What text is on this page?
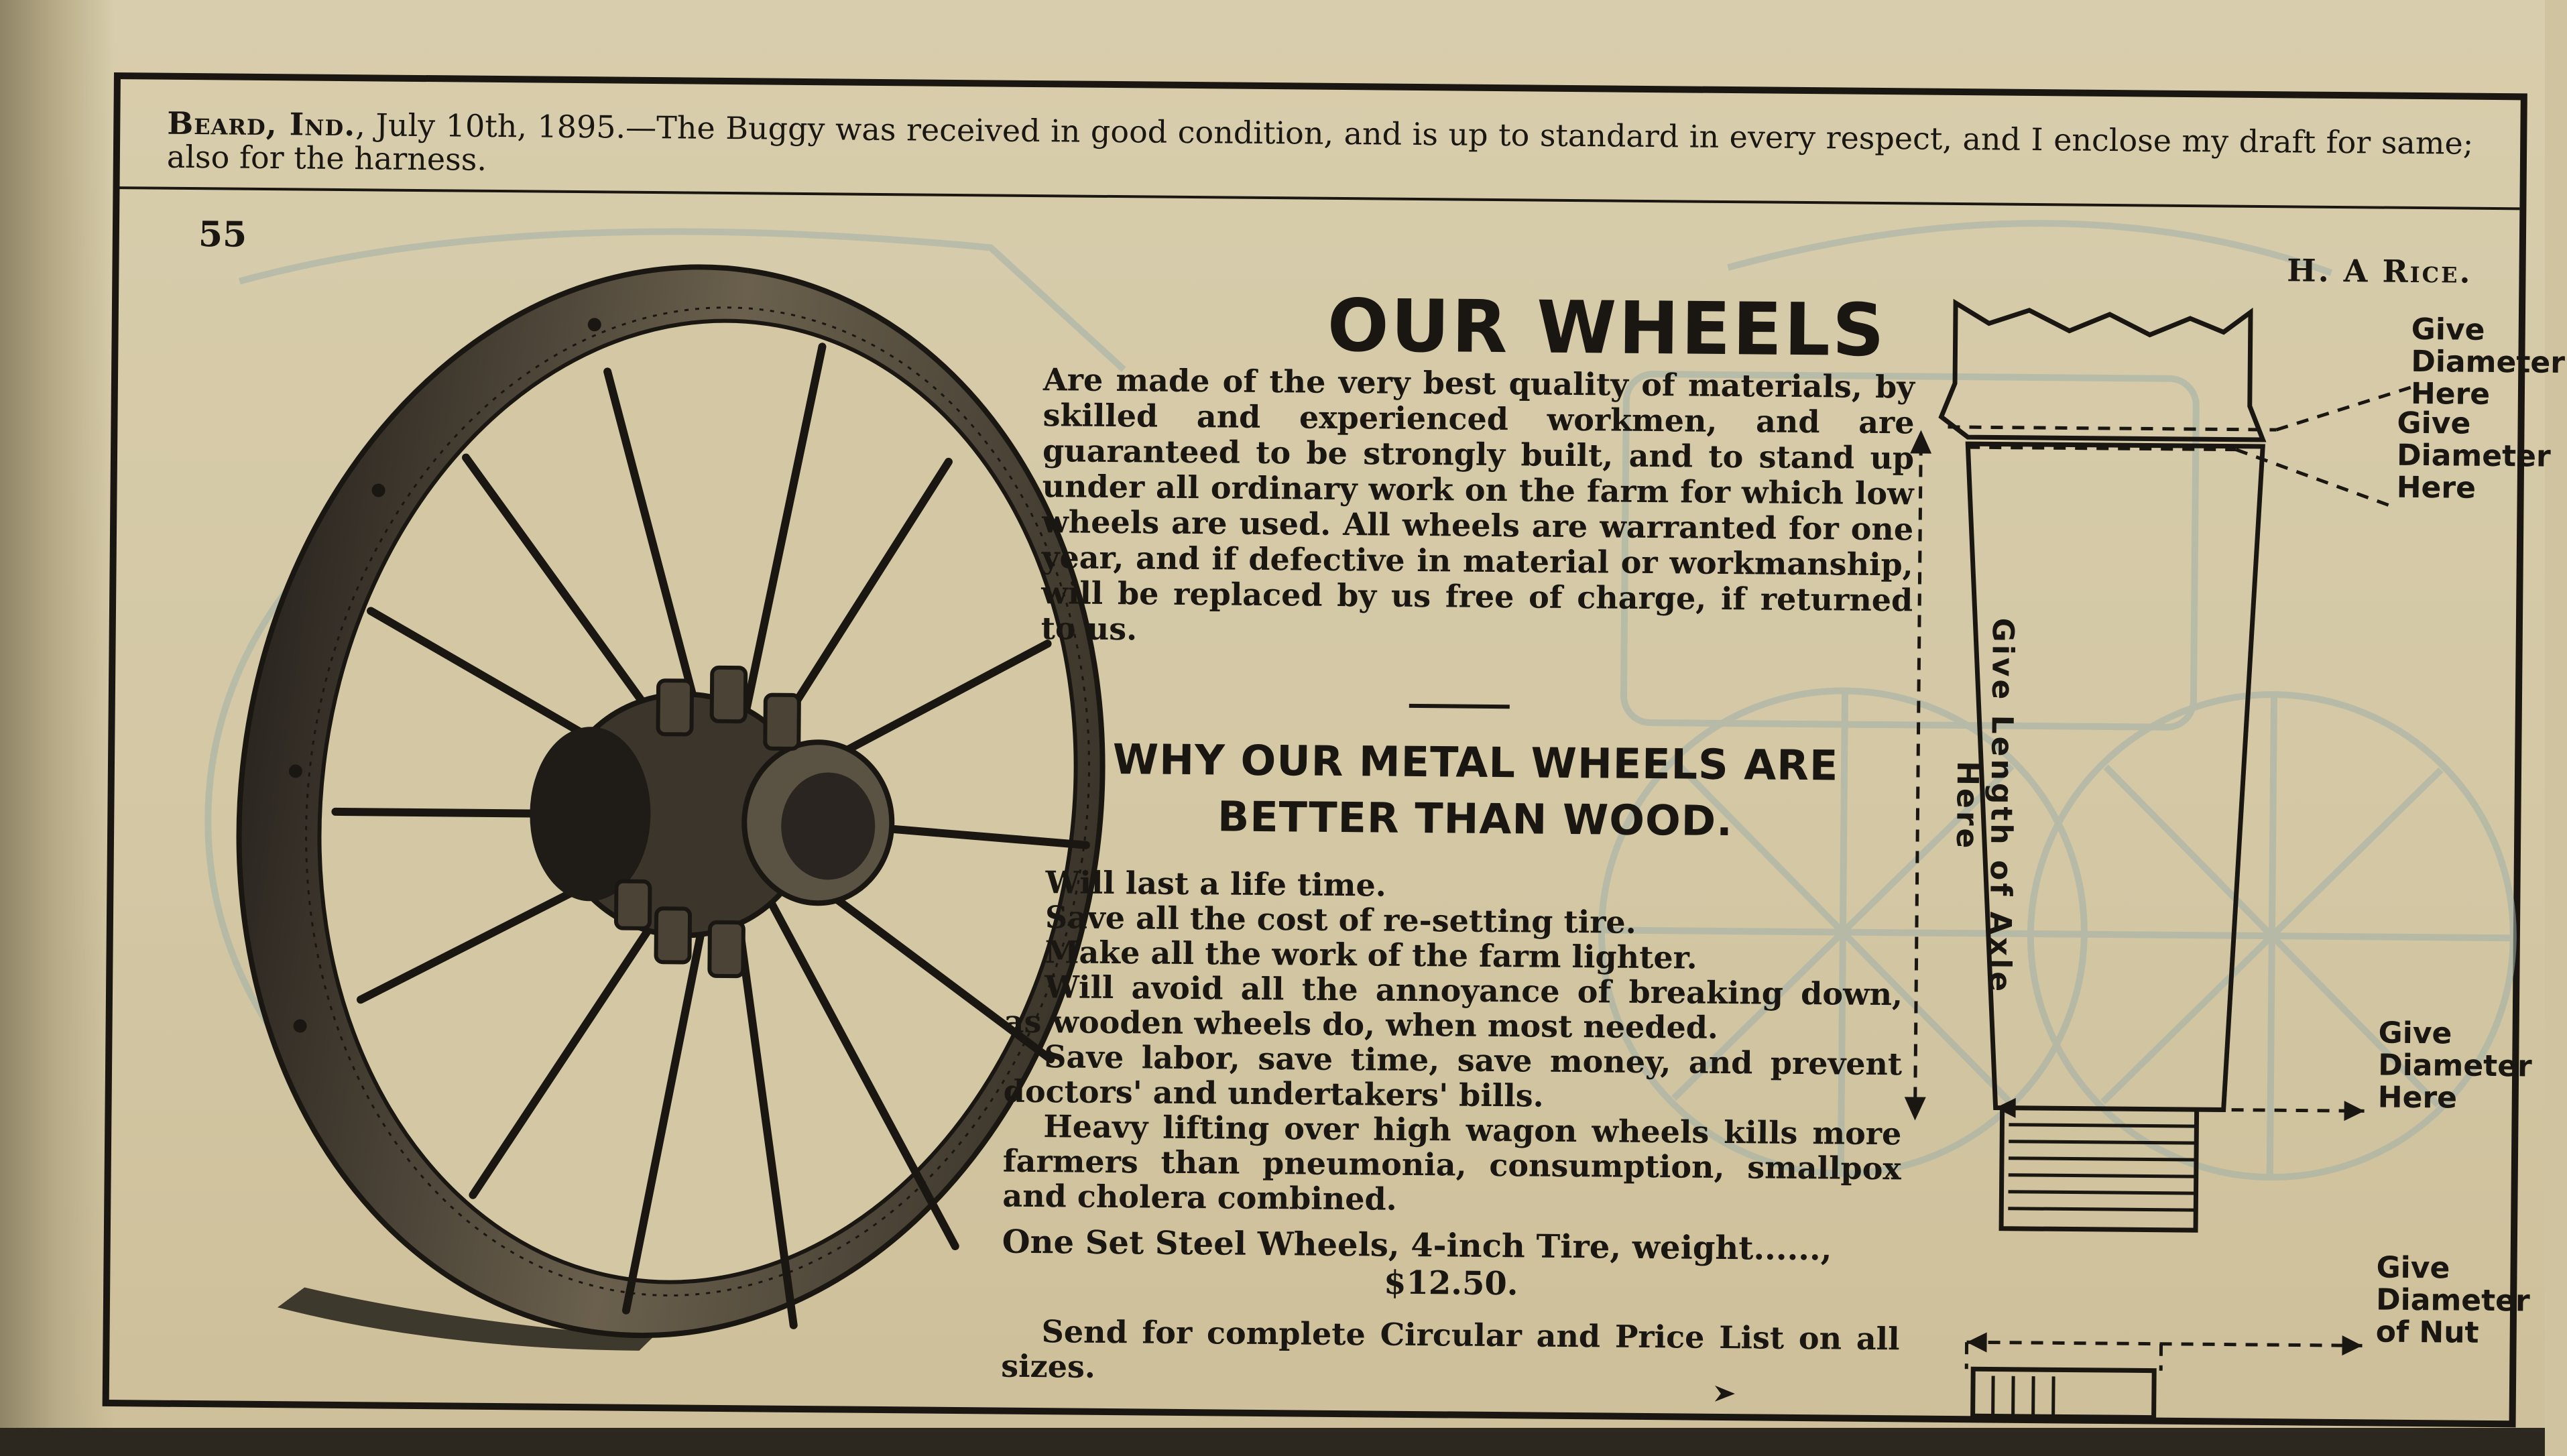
Beard, Ind., July 10th, 1895.—The Buggy was received in good condition, and is up to standard in every respect, and I enclose my draft for same; also for the harness.
H. A Rice.
55
OUR WHEELS
Are made of the very best quality of materials, by skilled and experienced workmen, and are guaranteed to be strongly built, and to stand up under all ordinary work on the farm for which low wheels are used. All wheels are warranted for one year, and if defective in material or workmanship, will be replaced by us free of charge, if returned to us.
WHY OUR METAL WHEELS ARE
BETTER THAN WOOD.
Will last a life time.
Save all the cost of re-setting tire.
Make all the work of the farm lighter.
Will avoid all the annoyance of breaking down, as wooden wheels do, when most needed.
Save labor, save time, save money, and prevent doctors' and undertakers' bills.
Heavy lifting over high wagon wheels kills more farmers than pneumonia, consumption, smallpox and cholera combined.
One Set Steel Wheels, 4-inch Tire, weight......,
$12.50.
Send for complete Circular and Price List on all sizes.
Give Diameter
Here
Give Diameter
Here
Give Length of Axle Here
Give Diameter
Here
Give Diameter
of Nut
